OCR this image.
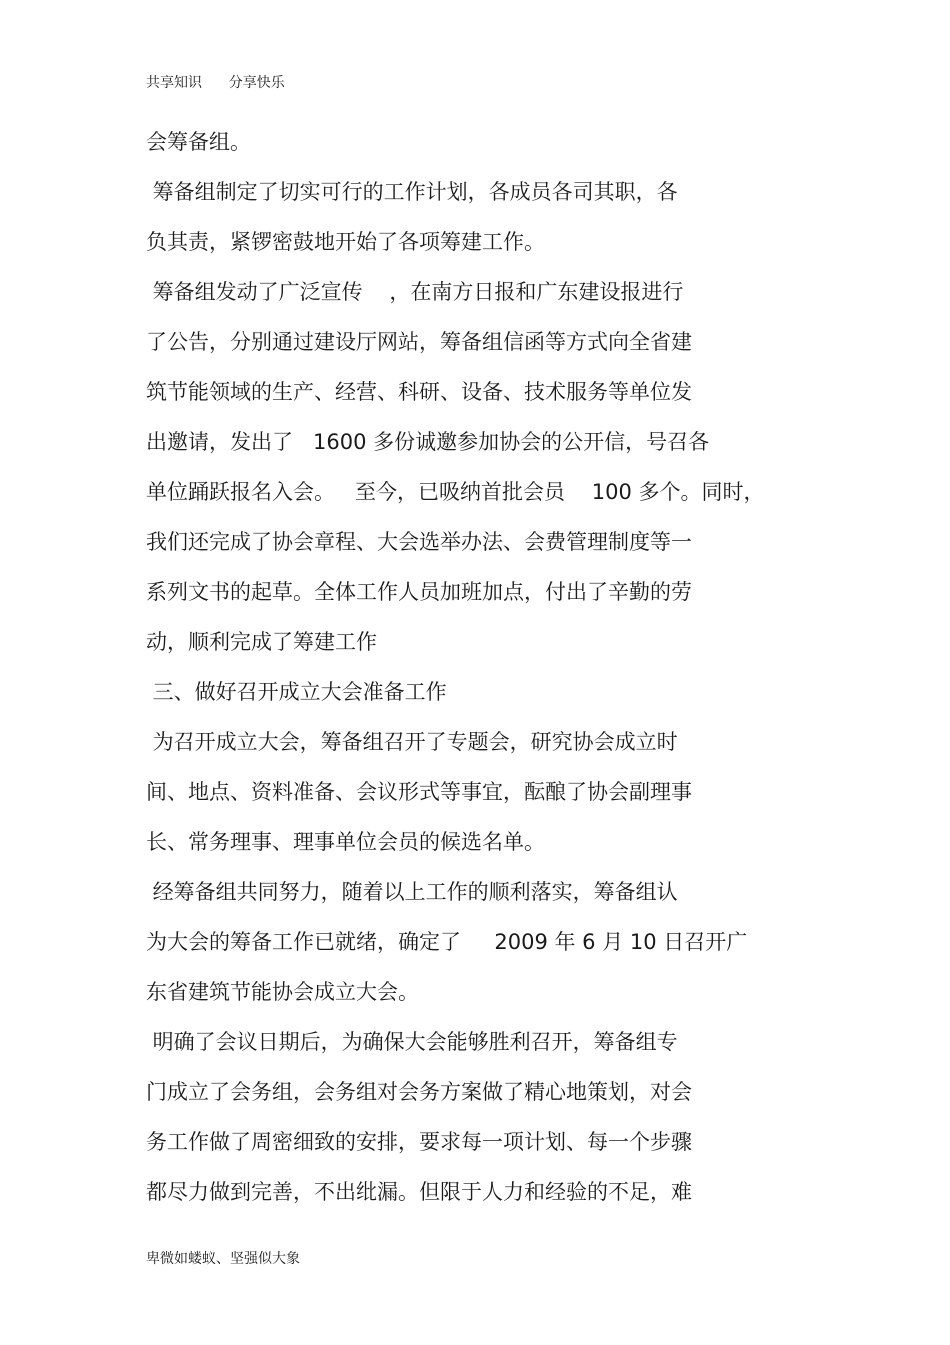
共享知识 分享快乐
会筹备组。
筹备组制定了切实可行的工作计划，各成员各司其职，各
负其责，紧锣密鼓地开始了各项筹建工作。
筹备组发动了广泛宣传    ，在南方日报和广东建设报进行
了公告，分别通过建设厅网站，筹备组信函等方式向全省建
筑节能领域的生产、经营、科研、设备、技术服务等单位发
出邀请，发出了   1600 多份诚邀参加协会的公开信，号召各
单位踊跃报名入会。   至今，已吸纳首批会员    100 多个。同时，
我们还完成了协会章程、大会选举办法、会费管理制度等一
系列文书的起草。全体工作人员加班加点，付出了辛勤的劳
动，顺利完成了筹建工作
三、做好召开成立大会准备工作
为召开成立大会，筹备组召开了专题会，研究协会成立时
间、地点、资料准备、会议形式等事宜，酝酿了协会副理事
长、常务理事、理事单位会员的候选名单。
经筹备组共同努力，随着以上工作的顺利落实，筹备组认
为大会的筹备工作已就绪，确定了     2009 年 6 月 10 日召开广
东省建筑节能协会成立大会。
明确了会议日期后，为确保大会能够胜利召开，筹备组专
门成立了会务组，会务组对会务方案做了精心地策划，对会
务工作做了周密细致的安排，要求每一项计划、每一个步骤
都尽力做到完善，不出纰漏。但限于人力和经验的不足，难
卑微如蝼蚁、坚强似大象
